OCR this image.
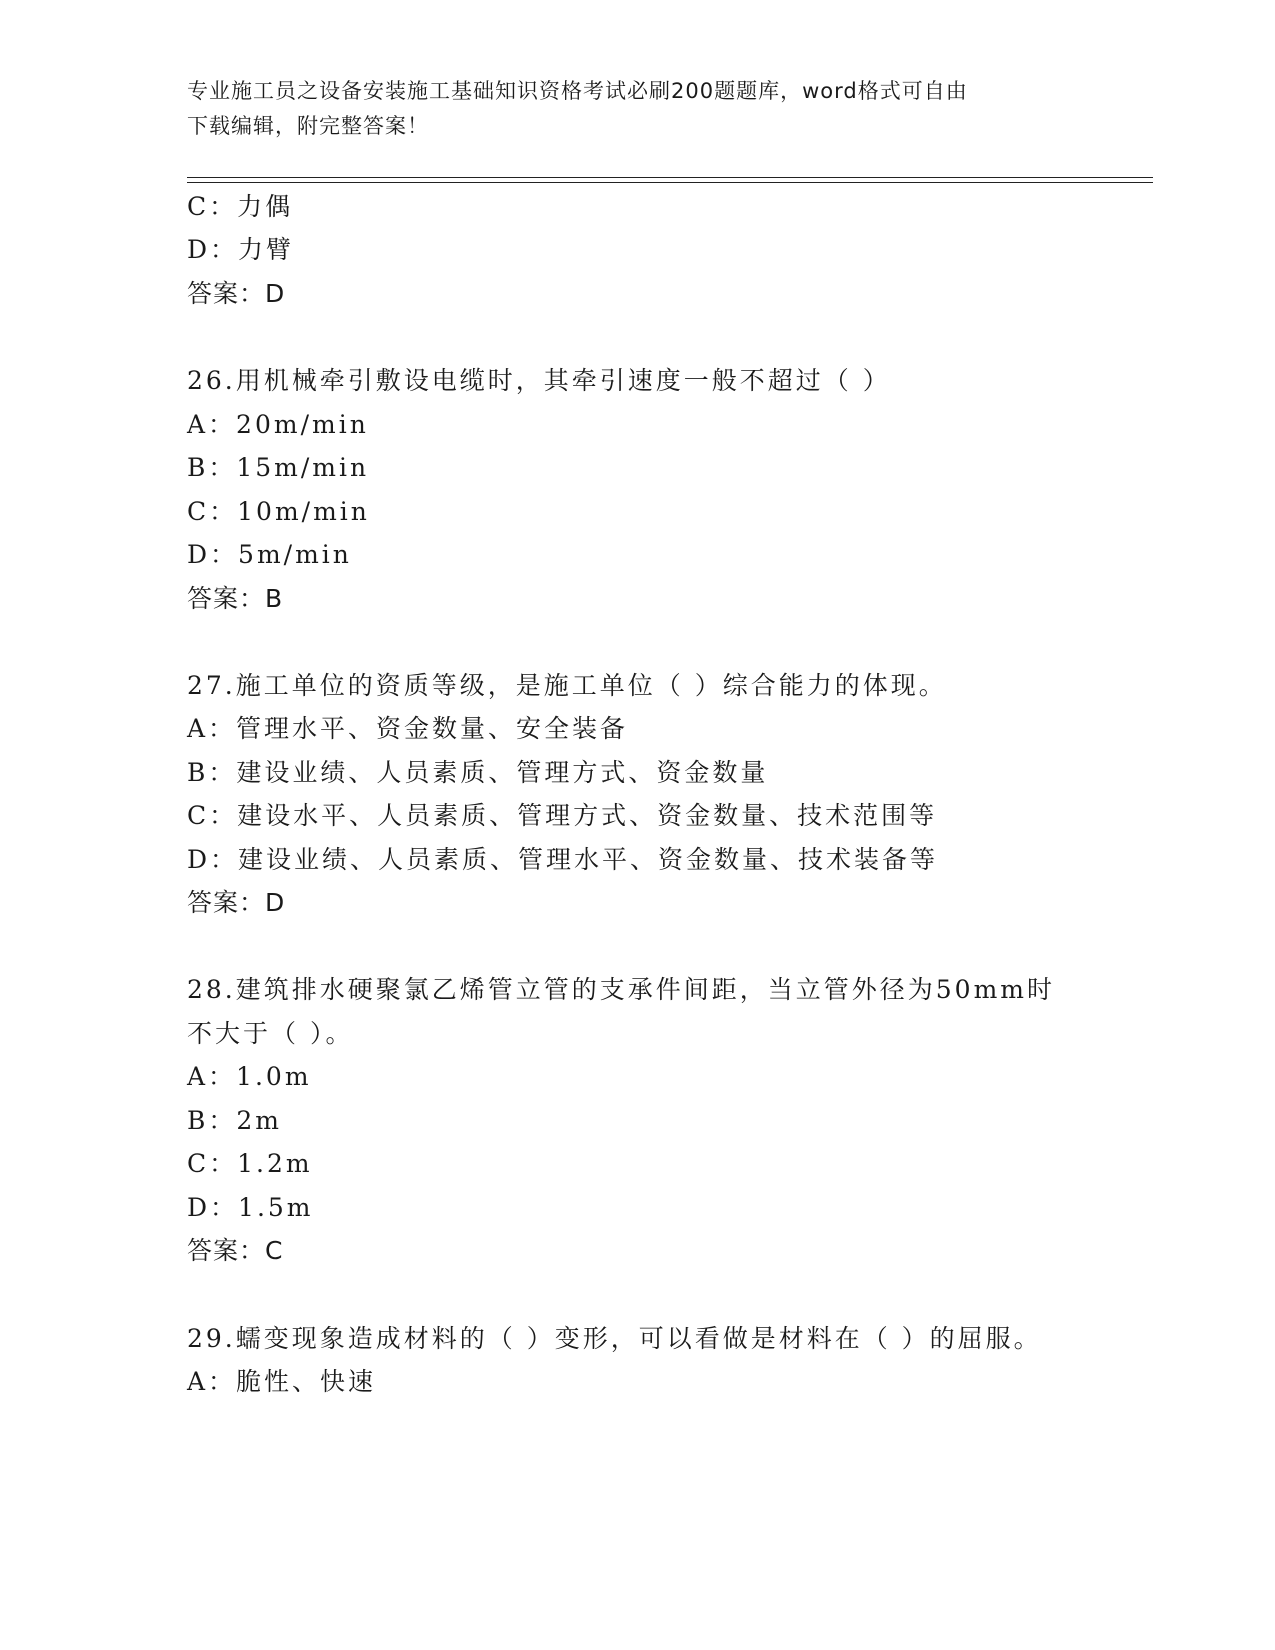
专业施工员之设备安装施工基础知识资格考试必刷200题题库，word格式可自由
下载编辑，附完整答案！

C：力偶

D：力臂

答案：D

26.用机械牵引敷设电缆时，其牵引速度一般不超过（ ）

A：20m/min

B：15m/min

C：10m/min

D：5m/min

答案：B

27.施工单位的资质等级，是施工单位（ ）综合能力的体现。

A：管理水平、资金数量、安全装备

B：建设业绩、人员素质、管理方式、资金数量

C：建设水平、人员素质、管理方式、资金数量、技术范围等

D：建设业绩、人员素质、管理水平、资金数量、技术装备等

答案：D

28.建筑排水硬聚氯乙烯管立管的支承件间距，当立管外径为50mm时

不大于（ ）。

A：1.0m

B：2m

C：1.2m

D：1.5m

答案：C

29.蠕变现象造成材料的（ ）变形，可以看做是材料在（ ）的屈服。

A：脆性、快速
